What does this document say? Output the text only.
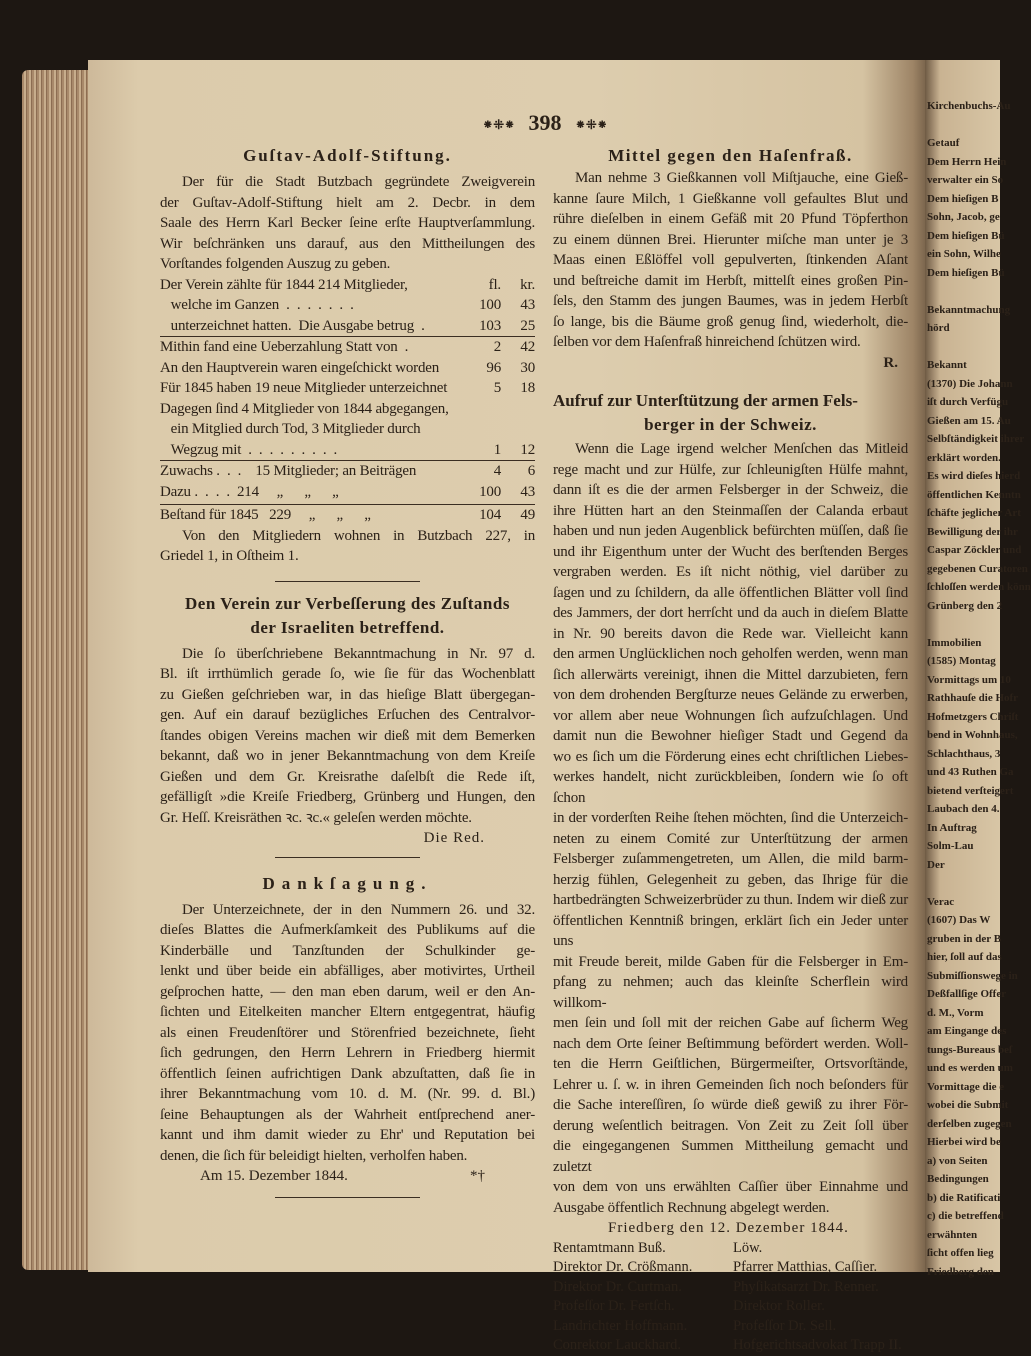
Kirchenbuchs-Au
Getauf
Dem Herrn Hein
verwalter ein So
Dem hieſigen B
Sohn, Jacob, ge
Dem hieſigen Bü
ein Sohn, Wilhe
Dem hieſigen Bü
Bekanntmachung
hörd
Bekannt
(1370) Die Johann
iſt durch Verfügu
Gießen am 15. Au
Selbſtändigkeit ihrer
erklärt worden.
Es wird dieſes hierd
öffentlichen Kenntn
ſchäfte jeglicher Art
Bewilligung der ihr
Caspar Zöckler und
gegebenen Curatoren
ſchloſſen werden könn
Grünberg den 2
Immobilien
(1585) Montag
Vormittags um 10
Rathhauſe die Hofr
Hofmetzgers Chriſt
bend in Wohnhaus,
Schlachthaus, 3
und 43 Ruthen Ga
bietend verſteigert
Laubach den 4.
In Auftrag
Solm-Lau
Der
Verac
(1607) Das W
gruben in der B
hier, ſoll auf das
Submiſſionswege in
Deßfallſige Offer
d. M., Vorm
am Eingange des
tungs-Bureaus beſ
und es werden um
Vormittage die e
wobei die Submit
derſelben zugegen
Hierbei wird be
a) von Seiten
Bedingungen
b) die Ratificati
c) die betreffend
erwähnten
ſicht offen lieg
Friedberg den
⁕⁜⁕ 398 ⁕⁜⁕
Guſtav-Adolf-Stiftung.
Der für die Stadt Butzbach gegründete Zweigverein
der Guſtav-Adolf-Stiftung hielt am 2. Decbr. in dem
Saale des Herrn Karl Becker ſeine erſte Hauptverſammlung.
Wir beſchränken uns darauf, aus den Mittheilungen des
Vorſtandes folgenden Auszug zu geben.
Der Verein zählte für 1844 214 Mitglieder,	fl.	kr.
welche im Ganzen  .  .  .  .  .  .  .	100	43
unterzeichnet hatten.  Die Ausgabe betrug  .	103	25
Mithin fand eine Ueberzahlung Statt von  .	2	42
An den Hauptverein waren eingeſchickt worden	96	30
Für 1845 haben 19 neue Mitglieder unterzeichnet	5	18
Dagegen ſind 4 Mitglieder von 1844 abgegangen,
ein Mitglied durch Tod, 3 Mitglieder durch
Wegzug mit  .  .  .  .  .  .  .  .  .	1	12
Zuwachs .  .  .    15 Mitglieder; an Beiträgen	4	6
Dazu .  .  .  .  214     „      „      „	100	43
Beſtand für 1845   229     „      „      „	104	49
Von den Mitgliedern wohnen in Butzbach 227, in
Griedel 1, in Oſtheim 1.
Den Verein zur Verbeſſerung des Zuſtands
der Israeliten betreffend.
Die ſo überſchriebene Bekanntmachung in Nr. 97 d.
Bl. iſt irrthümlich gerade ſo, wie ſie für das Wochenblatt
zu Gießen geſchrieben war, in das hieſige Blatt übergegan-
gen. Auf ein darauf bezügliches Erſuchen des Centralvor-
ſtandes obigen Vereins machen wir dieß mit dem Bemerken
bekannt, daß wo in jener Bekanntmachung von dem Kreiſe
Gießen und dem Gr. Kreisrathe daſelbſt die Rede iſt,
gefälligſt »die Kreiſe Friedberg, Grünberg und Hungen, den
Gr. Heſſ. Kreisräthen ꝛc. ꝛc.« geleſen werden möchte.
Die Red.
Dankſagung.
Der Unterzeichnete, der in den Nummern 26. und 32.
dieſes Blattes die Aufmerkſamkeit des Publikums auf die
Kinderbälle und Tanzſtunden der Schulkinder ge-
lenkt und über beide ein abfälliges, aber motivirtes, Urtheil
geſprochen hatte, — den man eben darum, weil er den An-
ſichten und Eitelkeiten mancher Eltern entgegentrat, häufig
als einen Freudenſtörer und Störenfried bezeichnete, ſieht
ſich gedrungen, den Herrn Lehrern in Friedberg hiermit
öffentlich ſeinen aufrichtigen Dank abzuſtatten, daß ſie in
ihrer Bekanntmachung vom 10. d. M. (Nr. 99. d. Bl.)
ſeine Behauptungen als der Wahrheit entſprechend aner-
kannt und ihm damit wieder zu Ehr' und Reputation bei
denen, die ſich für beleidigt hielten, verholfen haben.
Am 15. Dezember 1844.	*†
Mittel gegen den Haſenfraß.
Man nehme 3 Gießkannen voll Miſtjauche, eine Gieß-
kanne ſaure Milch, 1 Gießkanne voll gefaultes Blut und
rühre dieſelben in einem Gefäß mit 20 Pfund Töpferthon
zu einem dünnen Brei. Hierunter miſche man unter je 3
Maas einen Eßlöffel voll gepulverten, ſtinkenden Aſant
und beſtreiche damit im Herbſt, mittelſt eines großen Pin-
ſels, den Stamm des jungen Baumes, was in jedem Herbſt
ſo lange, bis die Bäume groß genug ſind, wiederholt, die-
ſelben vor dem Haſenfraß hinreichend ſchützen wird.
R.
Aufruf zur Unterſtützung der armen Fels-
berger in der Schweiz.
Wenn die Lage irgend welcher Menſchen das Mitleid
rege macht und zur Hülfe, zur ſchleunigſten Hülfe mahnt,
dann iſt es die der armen Felsberger in der Schweiz, die
ihre Hütten hart an den Steinmaſſen der Calanda erbaut
haben und nun jeden Augenblick befürchten müſſen, daß ſie
und ihr Eigenthum unter der Wucht des berſtenden Berges
vergraben werden. Es iſt nicht nöthig, viel darüber zu
ſagen und zu ſchildern, da alle öffentlichen Blätter voll ſind
des Jammers, der dort herrſcht und da auch in dieſem Blatte
in Nr. 90 bereits davon die Rede war. Vielleicht kann
den armen Unglücklichen noch geholfen werden, wenn man
ſich allerwärts vereinigt, ihnen die Mittel darzubieten, fern
von dem drohenden Bergſturze neues Gelände zu erwerben,
vor allem aber neue Wohnungen ſich aufzuſchlagen. Und
damit nun die Bewohner hieſiger Stadt und Gegend da
wo es ſich um die Förderung eines echt chriſtlichen Liebes-
werkes handelt, nicht zurückbleiben, ſondern wie ſo oft ſchon
in der vorderſten Reihe ſtehen möchten, ſind die Unterzeich-
neten zu einem Comité zur Unterſtützung der armen
Felsberger zuſammengetreten, um Allen, die mild barm-
herzig fühlen, Gelegenheit zu geben, das Ihrige für die
hartbedrängten Schweizerbrüder zu thun. Indem wir dieß zur
öffentlichen Kenntniß bringen, erklärt ſich ein Jeder unter uns
mit Freude bereit, milde Gaben für die Felsberger in Em-
pfang zu nehmen; auch das kleinſte Scherflein wird willkom-
men ſein und ſoll mit der reichen Gabe auf ſicherm Weg
nach dem Orte ſeiner Beſtimmung befördert werden. Woll-
ten die Herrn Geiſtlichen, Bürgermeiſter, Ortsvorſtände,
Lehrer u. ſ. w. in ihren Gemeinden ſich noch beſonders für
die Sache intereſſiren, ſo würde dieß gewiß zu ihrer För-
derung weſentlich beitragen. Von Zeit zu Zeit ſoll über
die eingegangenen Summen Mittheilung gemacht und zuletzt
von dem von uns erwählten Caſſier über Einnahme und
Ausgabe öffentlich Rechnung abgelegt werden.
Friedberg den 12. Dezember 1844.
Rentamtmann Buß.	Löw.
Direktor Dr. Crößmann.	Pfarrer Matthias, Caſſier.
Direktor Dr. Curtman.	Phyſikatsarzt Dr. Renner.
Profeſſor Dr. Fertſch.	Direktor Roller.
Landrichter Hoffmann.	Profeſſor Dr. Sell.
Conrektor Lauckhard.	Hofgerichtsadvokat Trapp II.
